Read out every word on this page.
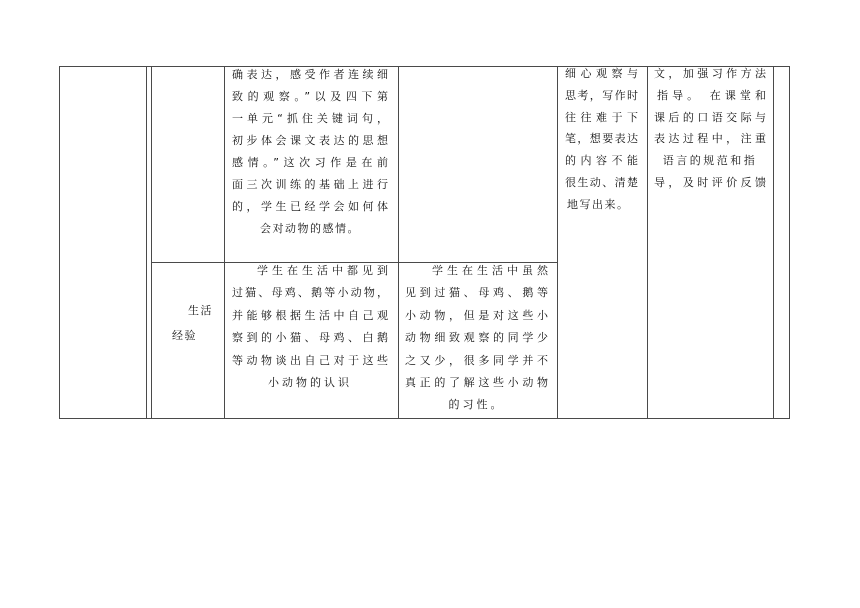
确表达，感受作者连续细
致的观察。”以及四下第
一单元“抓住关键词句，
初步体会课文表达的思想
感情。”这次习作是在前
面三次训练的基础上进行
的，学生已经学会如何体
会对动物的感情。
细心观察与
思考，写作时
往往难于下
笔，想要表达
的内容不能
很生动、清楚
地写出来。
文，加强习作方法
指导。 在课堂和
课后的口语交际与
表达过程中，注重
语言的规范和指
导，及时评价反馈
生活
经验
学生在生活中都见到
过猫、母鸡、鹅等小动物，
并能够根据生活中自己观
察到的小猫、母鸡、白鹅
等动物谈出自己对于这些
小动物的认识
学生在生活中虽然
见到过猫、母鸡、鹅等
小动物，但是对这些小
动物细致观察的同学少
之又少，很多同学并不
真正的了解这些小动物
的习性。
